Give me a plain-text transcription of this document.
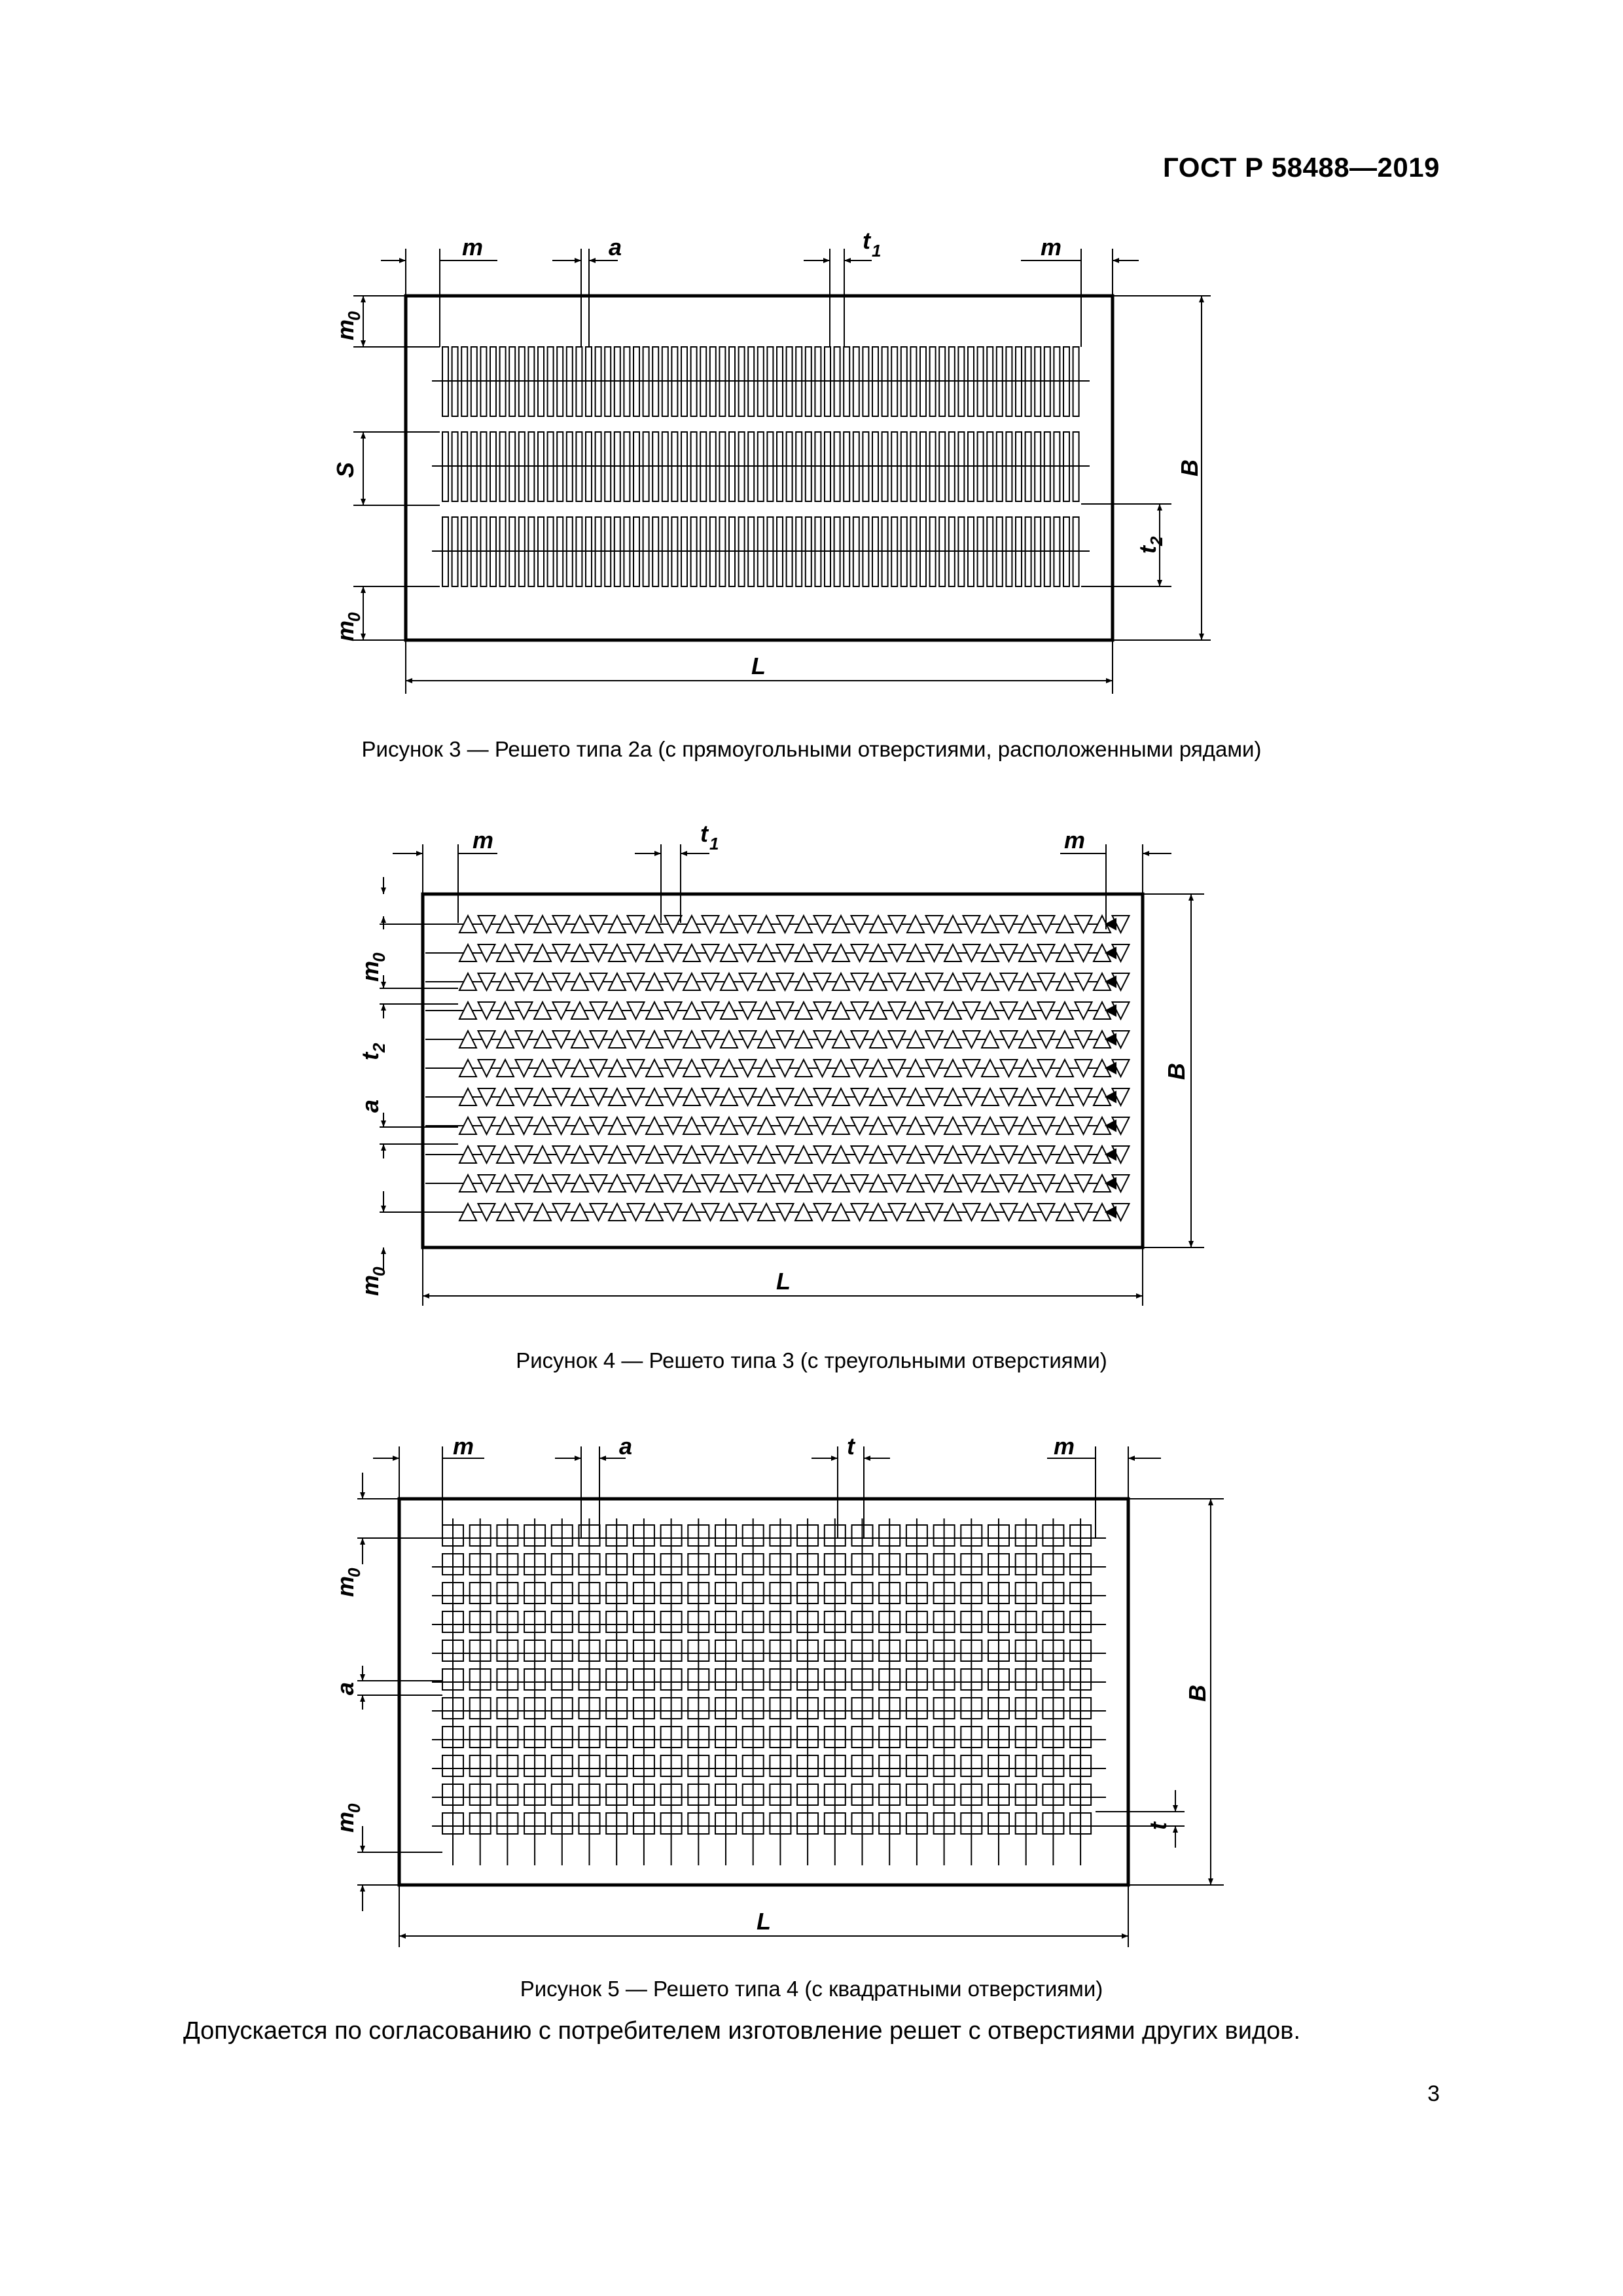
ГОСТ Р 58488—2019
m	a	t 1	m
m
0
S
m
0
B
t
2
L
Рисунок 3 — Решето типа 2а (с прямоугольными отверстиями, расположенными рядами)
m	t 1	m
m
0
t
2
a
m
0
B
L
Рисунок 4 — Решето типа 3 (с треугольными отверстиями)
m	a	t	m
m
0
a
m
0
B
t
L
Рисунок 5 — Решето типа 4 (с квадратными отверстиями)
Допускается по согласованию с потребителем изготовление решет с отверстиями других видов.
3
